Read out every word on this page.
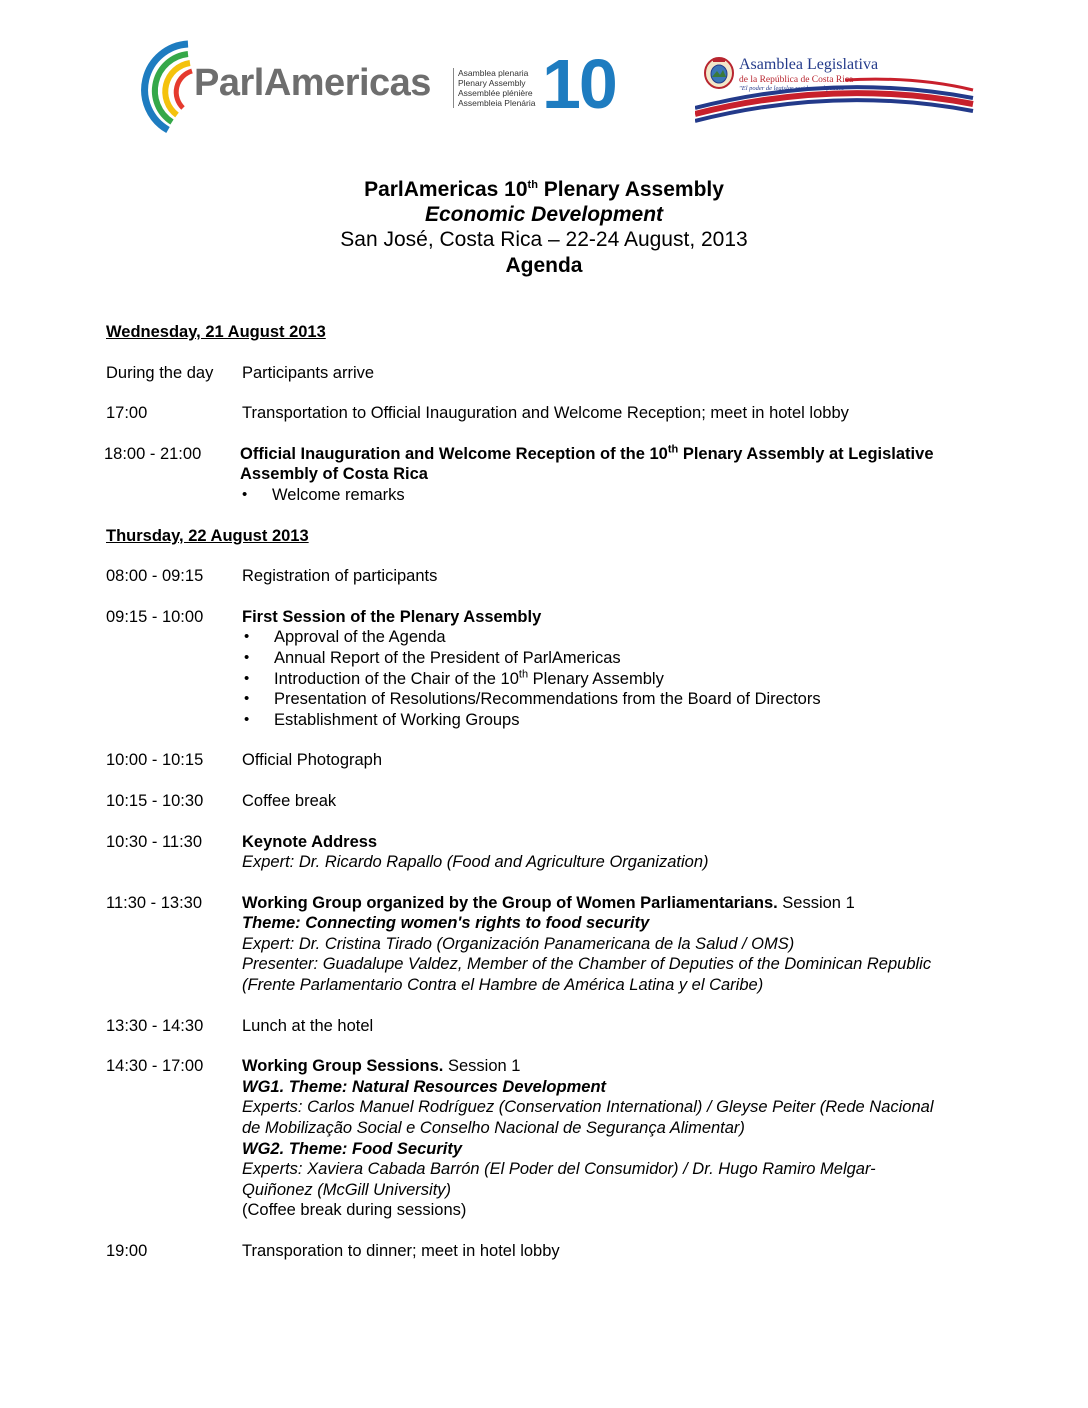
ParlAmericas	Asamblea plenaria
Plenary Assembly
Assemblée plénière
Assembleia Plenária 10	Asamblea Legislativa
de la República de Costa Rica
"El poder de legislar reside en el pueblo"
ParlAmericas 10th Plenary Assembly
Economic Development
San José, Costa Rica – 22-24 August, 2013
Agenda
Wednesday, 21 August 2013
During the day	Participants arrive
17:00	Transportation to Official Inauguration and Welcome Reception; meet in hotel lobby
18:00 - 21:00	Official Inauguration and Welcome Reception of the 10th Plenary Assembly at Legislative Assembly of Costa Rica
• Welcome remarks
Thursday, 22 August 2013
08:00 - 09:15	Registration of participants
09:15 - 10:00	First Session of the Plenary Assembly
• Approval of the Agenda
• Annual Report of the President of ParlAmericas
• Introduction of the Chair of the 10th Plenary Assembly
• Presentation of Resolutions/Recommendations from the Board of Directors
• Establishment of Working Groups
10:00 - 10:15	Official Photograph
10:15 - 10:30	Coffee break
10:30 - 11:30	Keynote Address
Expert: Dr. Ricardo Rapallo (Food and Agriculture Organization)
11:30 - 13:30	Working Group organized by the Group of Women Parliamentarians. Session 1
Theme: Connecting women's rights to food security
Expert: Dr. Cristina Tirado (Organización Panamericana de la Salud / OMS)
Presenter: Guadalupe Valdez, Member of the Chamber of Deputies of the Dominican Republic (Frente Parlamentario Contra el Hambre de América Latina y el Caribe)
13:30 - 14:30	Lunch at the hotel
14:30 - 17:00	Working Group Sessions. Session 1
WG1. Theme: Natural Resources Development
Experts: Carlos Manuel Rodríguez (Conservation International) / Gleyse Peiter (Rede Nacional de Mobilização Social e Conselho Nacional de Segurança Alimentar)
WG2. Theme: Food Security
Experts: Xaviera Cabada Barrón (El Poder del Consumidor) / Dr. Hugo Ramiro Melgar-Quiñonez (McGill University)
(Coffee break during sessions)
19:00	Transporation to dinner; meet in hotel lobby
